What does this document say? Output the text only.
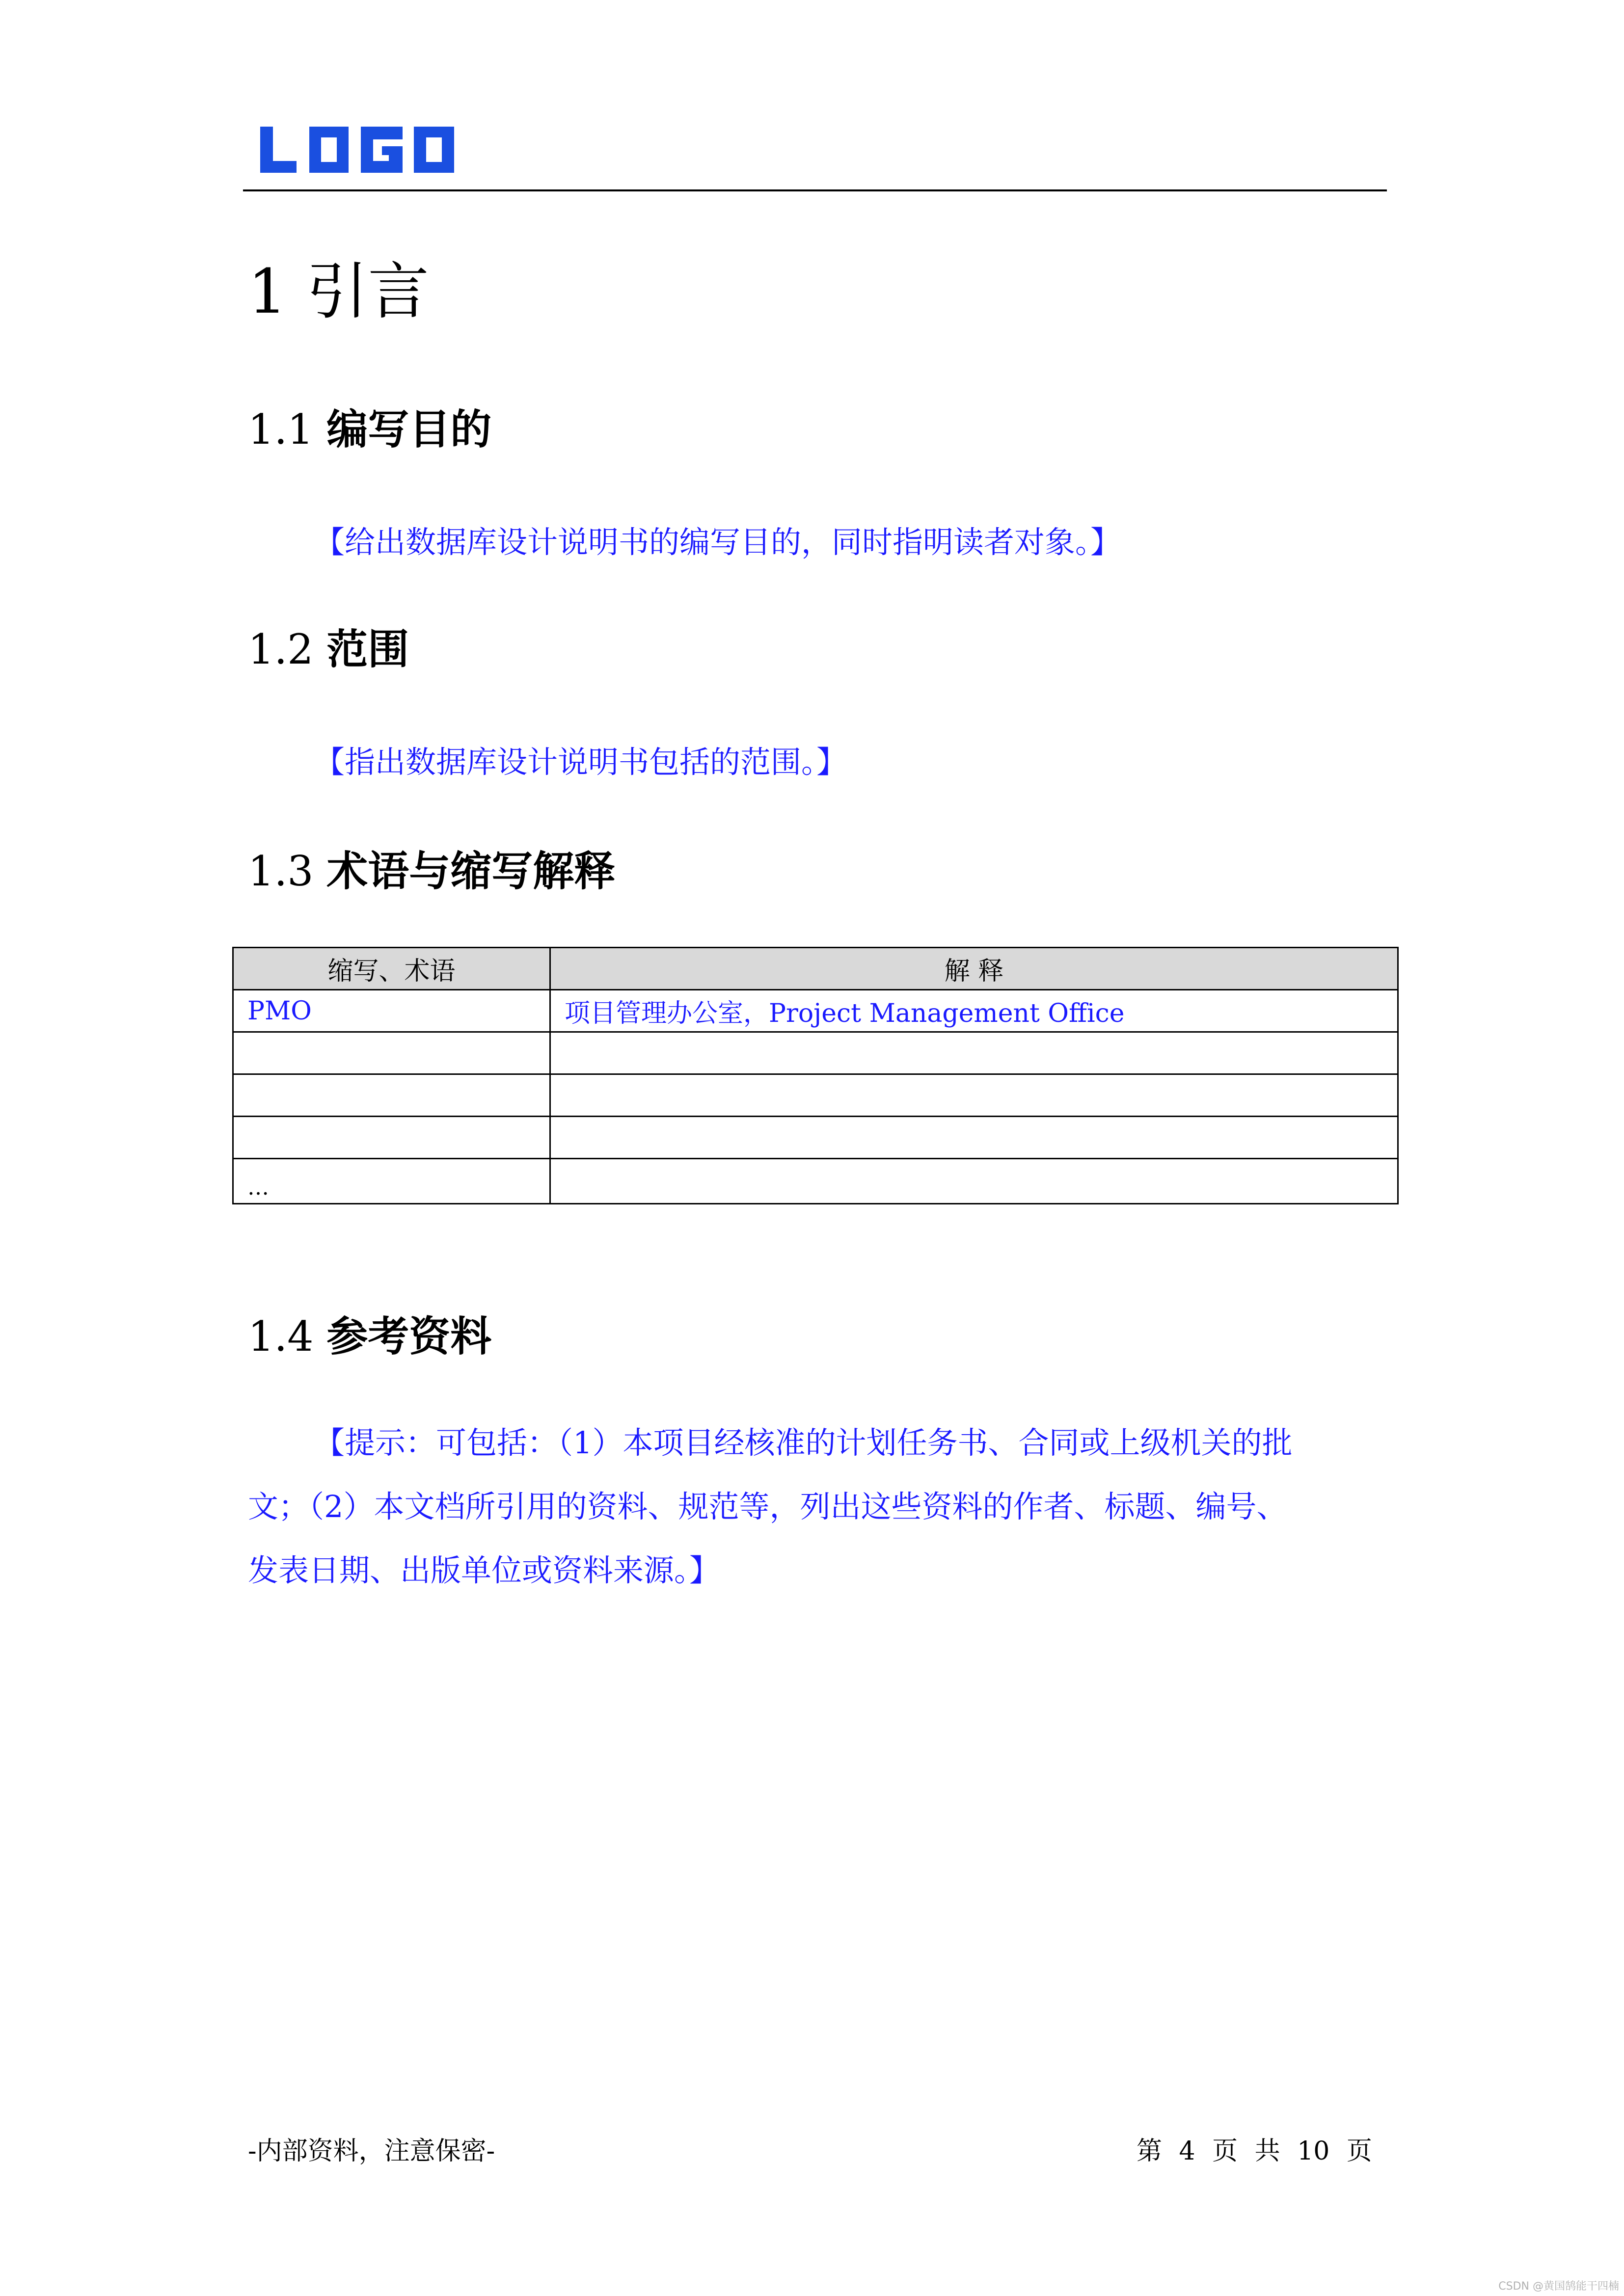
1 引言
1.1 编写目的
【给出数据库设计说明书的编写目的，同时指明读者对象。】
1.2 范围
【指出数据库设计说明书包括的范围。】
1.3 术语与缩写解释
缩写、术语	解 释
PMO	项目管理办公室，Project Management Office

…	
1.4 参考资料
【提示：可包括：（1）本项目经核准的计划任务书、合同或上级机关的批
文；（2）本文档所引用的资料、规范等，列出这些资料的作者、标题、编号、
发表日期、出版单位或资料来源。】
-内部资料，注意保密-	第 4 页 共 10 页
CSDN @黄国鹄能干四楠
